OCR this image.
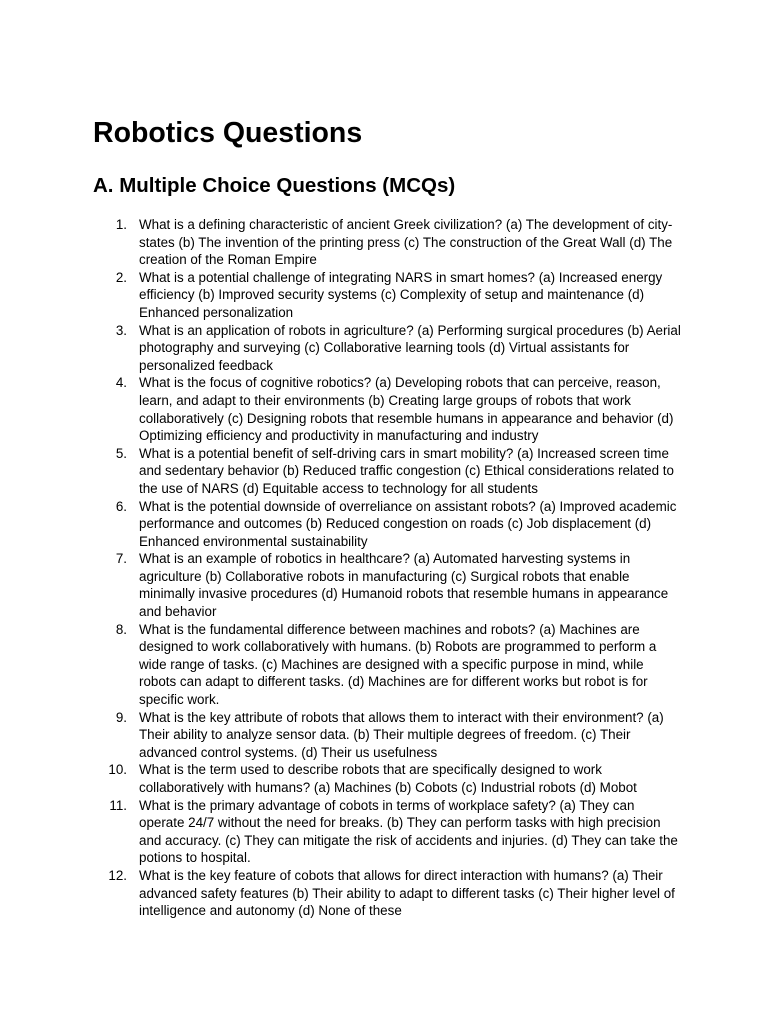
Robotics Questions
A. Multiple Choice Questions (MCQs)
1. What is a defining characteristic of ancient Greek civilization? (a) The development of city-states (b) The invention of the printing press (c) The construction of the Great Wall (d) The creation of the Roman Empire
2. What is a potential challenge of integrating NARS in smart homes? (a) Increased energy efficiency (b) Improved security systems (c) Complexity of setup and maintenance (d) Enhanced personalization
3. What is an application of robots in agriculture? (a) Performing surgical procedures (b) Aerial photography and surveying (c) Collaborative learning tools (d) Virtual assistants for personalized feedback
4. What is the focus of cognitive robotics? (a) Developing robots that can perceive, reason, learn, and adapt to their environments (b) Creating large groups of robots that work collaboratively (c) Designing robots that resemble humans in appearance and behavior (d) Optimizing efficiency and productivity in manufacturing and industry
5. What is a potential benefit of self-driving cars in smart mobility? (a) Increased screen time and sedentary behavior (b) Reduced traffic congestion (c) Ethical considerations related to the use of NARS (d) Equitable access to technology for all students
6. What is the potential downside of overreliance on assistant robots? (a) Improved academic performance and outcomes (b) Reduced congestion on roads (c) Job displacement (d) Enhanced environmental sustainability
7. What is an example of robotics in healthcare? (a) Automated harvesting systems in agriculture (b) Collaborative robots in manufacturing (c) Surgical robots that enable minimally invasive procedures (d) Humanoid robots that resemble humans in appearance and behavior
8. What is the fundamental difference between machines and robots? (a) Machines are designed to work collaboratively with humans. (b) Robots are programmed to perform a wide range of tasks. (c) Machines are designed with a specific purpose in mind, while robots can adapt to different tasks. (d) Machines are for different works but robot is for specific work.
9. What is the key attribute of robots that allows them to interact with their environment? (a) Their ability to analyze sensor data. (b) Their multiple degrees of freedom. (c) Their advanced control systems. (d) Their us usefulness
10. What is the term used to describe robots that are specifically designed to work collaboratively with humans? (a) Machines (b) Cobots (c) Industrial robots (d) Mobot
11. What is the primary advantage of cobots in terms of workplace safety? (a) They can operate 24/7 without the need for breaks. (b) They can perform tasks with high precision and accuracy. (c) They can mitigate the risk of accidents and injuries. (d) They can take the potions to hospital.
12. What is the key feature of cobots that allows for direct interaction with humans? (a) Their advanced safety features (b) Their ability to adapt to different tasks (c) Their higher level of intelligence and autonomy (d) None of these
